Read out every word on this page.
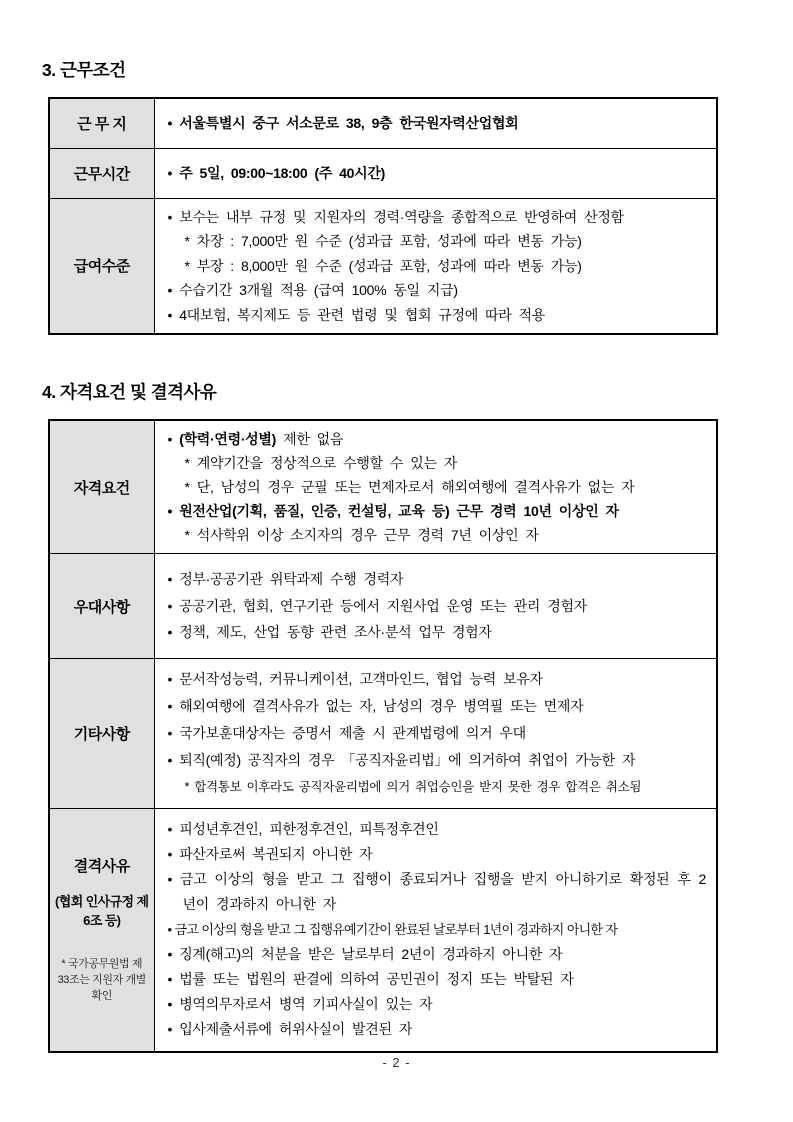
3. 근무조건
근 무 지	• 서울특별시 중구 서소문로 38, 9층 한국원자력산업협회

근무시간	• 주 5일, 09:00~18:00 (주 40시간)

급여수준	• 보수는 내부 규정 및 지원자의 경력·역량을 종합적으로 반영하여 산정함
* 차장 : 7,000만 원 수준 (성과급 포함, 성과에 따라 변동 가능)
* 부장 : 8,000만 원 수준 (성과급 포함, 성과에 따라 변동 가능)
• 수습기간 3개월 적용 (급여 100% 동일 지급)
• 4대보험, 복지제도 등 관련 법령 및 협회 규정에 따라 적용
4. 자격요건 및 결격사유
자격요건	• (학력·연령·성별) 제한 없음
* 계약기간을 정상적으로 수행할 수 있는 자
* 단, 남성의 경우 군필 또는 면제자로서 해외여행에 결격사유가 없는 자
• 원전산업(기획, 품질, 인증, 컨설팅, 교육 등) 근무 경력 10년 이상인 자
* 석사학위 이상 소지자의 경우 근무 경력 7년 이상인 자

우대사항	• 정부·공공기관 위탁과제 수행 경력자
• 공공기관, 협회, 연구기관 등에서 지원사업 운영 또는 관리 경험자
• 정책, 제도, 산업 동향 관련 조사·분석 업무 경험자

기타사항	• 문서작성능력, 커뮤니케이션, 고객마인드, 협업 능력 보유자
• 해외여행에 결격사유가 없는 자, 남성의 경우 병역필 또는 면제자
• 국가보훈대상자는 증명서 제출 시 관계법령에 의거 우대
• 퇴직(예정) 공직자의 경우 「공직자윤리법」에 의거하여 취업이 가능한 자
* 합격통보 이후라도 공직자윤리법에 의거 취업승인을 받지 못한 경우 합격은 취소됨

결격사유
(협회 인사규정 제6조 등)
* 국가공무원법 제33조는 지원자 개별 확인

• 피성년후견인, 피한정후견인, 피특정후견인
• 파산자로써 복권되지 아니한 자
• 금고 이상의 형을 받고 그 집행이 종료되거나 집행을 받지 아니하기로 확정된 후 2년이 경과하지 아니한 자
• 금고 이상의 형을 받고 그 집행유예기간이 완료된 날로부터 1년이 경과하지 아니한 자
• 징계(해고)의 처분을 받은 날로부터 2년이 경과하지 아니한 자
• 법률 또는 법원의 판결에 의하여 공민권이 정지 또는 박탈된 자
• 병역의무자로서 병역 기피사실이 있는 자
• 입사제출서류에 허위사실이 발견된 자
- 2 -
